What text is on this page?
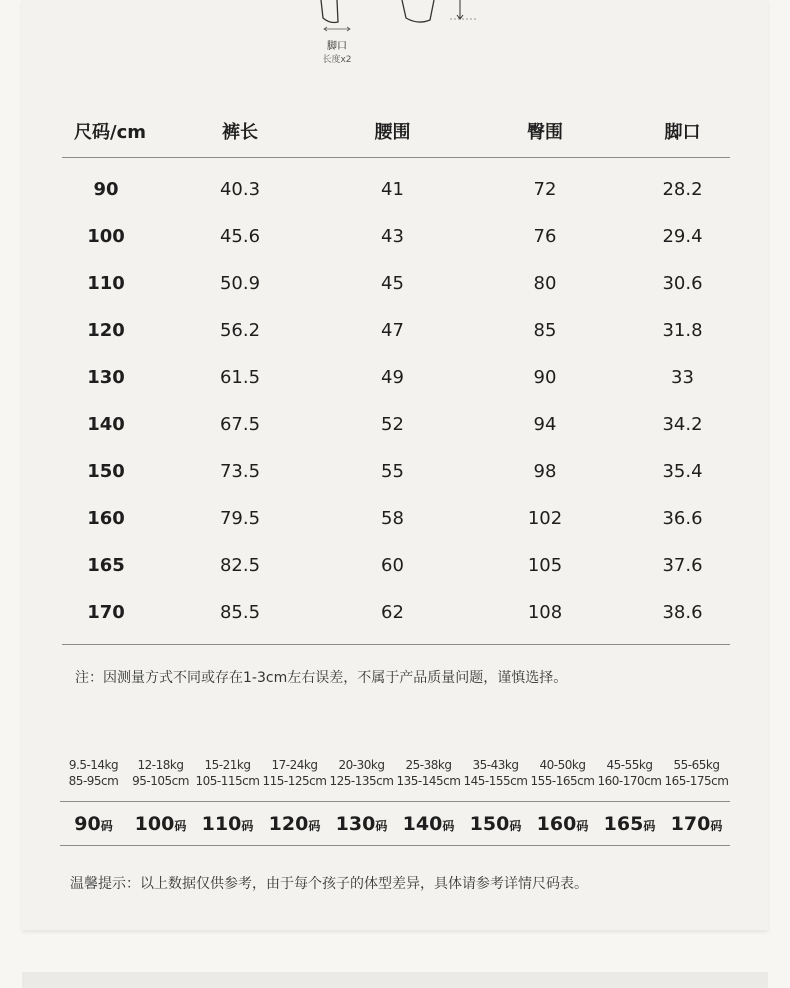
脚口
长度x2
尺码/cm	裤长	腰围	臀围	脚口
90	40.3	41	72	28.2
100	45.6	43	76	29.4
110	50.9	45	80	30.6
120	56.2	47	85	31.8
130	61.5	49	90	33
140	67.5	52	94	34.2
150	73.5	55	98	35.4
160	79.5	58	102	36.6
165	82.5	60	105	37.6
170	85.5	62	108	38.6
注：因测量方式不同或存在1-3cm左右误差，不属于产品质量问题，谨慎选择。
9.5-14kg	12-18kg	15-21kg	17-24kg	20-30kg	25-38kg	35-43kg	40-50kg	45-55kg	55-65kg
85-95cm	95-105cm 105-115cm 115-125cm 125-135cm 135-145cm 145-155cm 155-165cm 160-170cm 165-175cm
90码	100码 110码 120码 130码 140码 150码 160码 165码 170码
温馨提示：以上数据仅供参考，由于每个孩子的体型差异，具体请参考详情尺码表。
